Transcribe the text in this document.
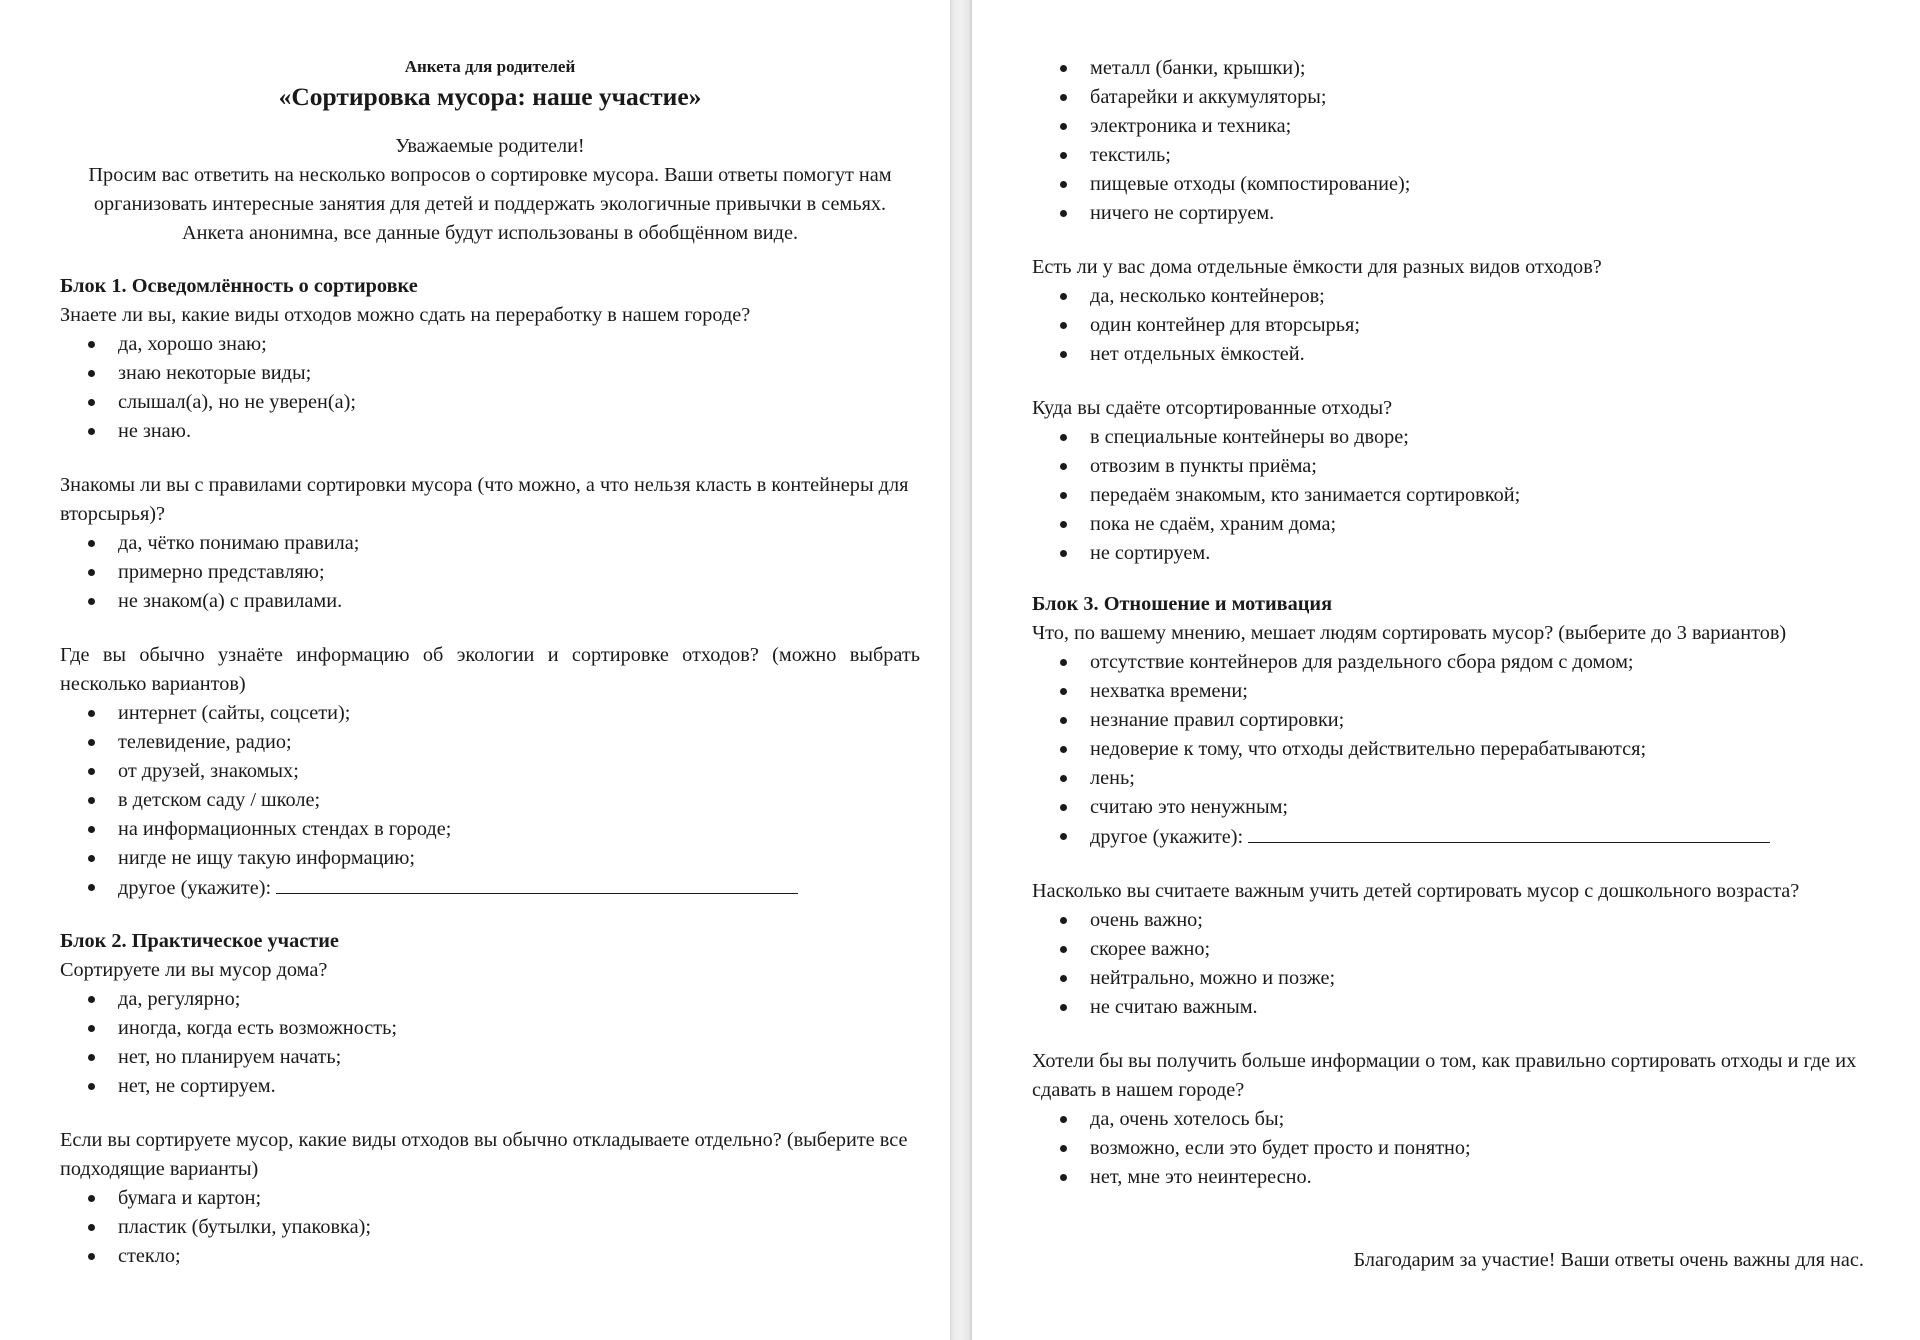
Анкета для родителей

«Сортировка мусора: наше участие»

Уважаемые родители!

Просим вас ответить на несколько вопросов о сортировке мусора. Ваши ответы помогут нам

организовать интересные занятия для детей и поддержать экологичные привычки в семьях.

Анкета анонимна, все данные будут использованы в обобщённом виде.

Блок 1. Осведомлённость о сортировке

Знаете ли вы, какие виды отходов можно сдать на переработку в нашем городе?

да, хорошо знаю;
знаю некоторые виды;
слышал(а), но не уверен(а);
не знаю.

Знакомы ли вы с правилами сортировки мусора (что можно, а что нельзя класть в контейнеры для вторсырья)?

да, чётко понимаю правила;
примерно представляю;
не знаком(а) с правилами.

Где вы обычно узнаёте информацию об экологии и сортировке отходов? (можно выбрать несколько вариантов)

интернет (сайты, соцсети);
телевидение, радио;
от друзей, знакомых;
в детском саду / школе;
на информационных стендах в городе;
нигде не ищу такую информацию;
другое (укажите):

Блок 2. Практическое участие

Сортируете ли вы мусор дома?

да, регулярно;
иногда, когда есть возможность;
нет, но планируем начать;
нет, не сортируем.

Если вы сортируете мусор, какие виды отходов вы обычно откладываете отдельно? (выберите все подходящие варианты)

бумага и картон;
пластик (бутылки, упаковка);
стекло;
металл (банки, крышки);
батарейки и аккумуляторы;
электроника и техника;
текстиль;
пищевые отходы (компостирование);
ничего не сортируем.

Есть ли у вас дома отдельные ёмкости для разных видов отходов?

да, несколько контейнеров;
один контейнер для вторсырья;
нет отдельных ёмкостей.

Куда вы сдаёте отсортированные отходы?

в специальные контейнеры во дворе;
отвозим в пункты приёма;
передаём знакомым, кто занимается сортировкой;
пока не сдаём, храним дома;
не сортируем.

Блок 3. Отношение и мотивация

Что, по вашему мнению, мешает людям сортировать мусор? (выберите до 3 вариантов)

отсутствие контейнеров для раздельного сбора рядом с домом;
нехватка времени;
незнание правил сортировки;
недоверие к тому, что отходы действительно перерабатываются;
лень;
считаю это ненужным;
другое (укажите):

Насколько вы считаете важным учить детей сортировать мусор с дошкольного возраста?

очень важно;
скорее важно;
нейтрально, можно и позже;
не считаю важным.

Хотели бы вы получить больше информации о том, как правильно сортировать отходы и где их сдавать в нашем городе?

да, очень хотелось бы;
возможно, если это будет просто и понятно;
нет, мне это неинтересно.

Благодарим за участие! Ваши ответы очень важны для нас.
